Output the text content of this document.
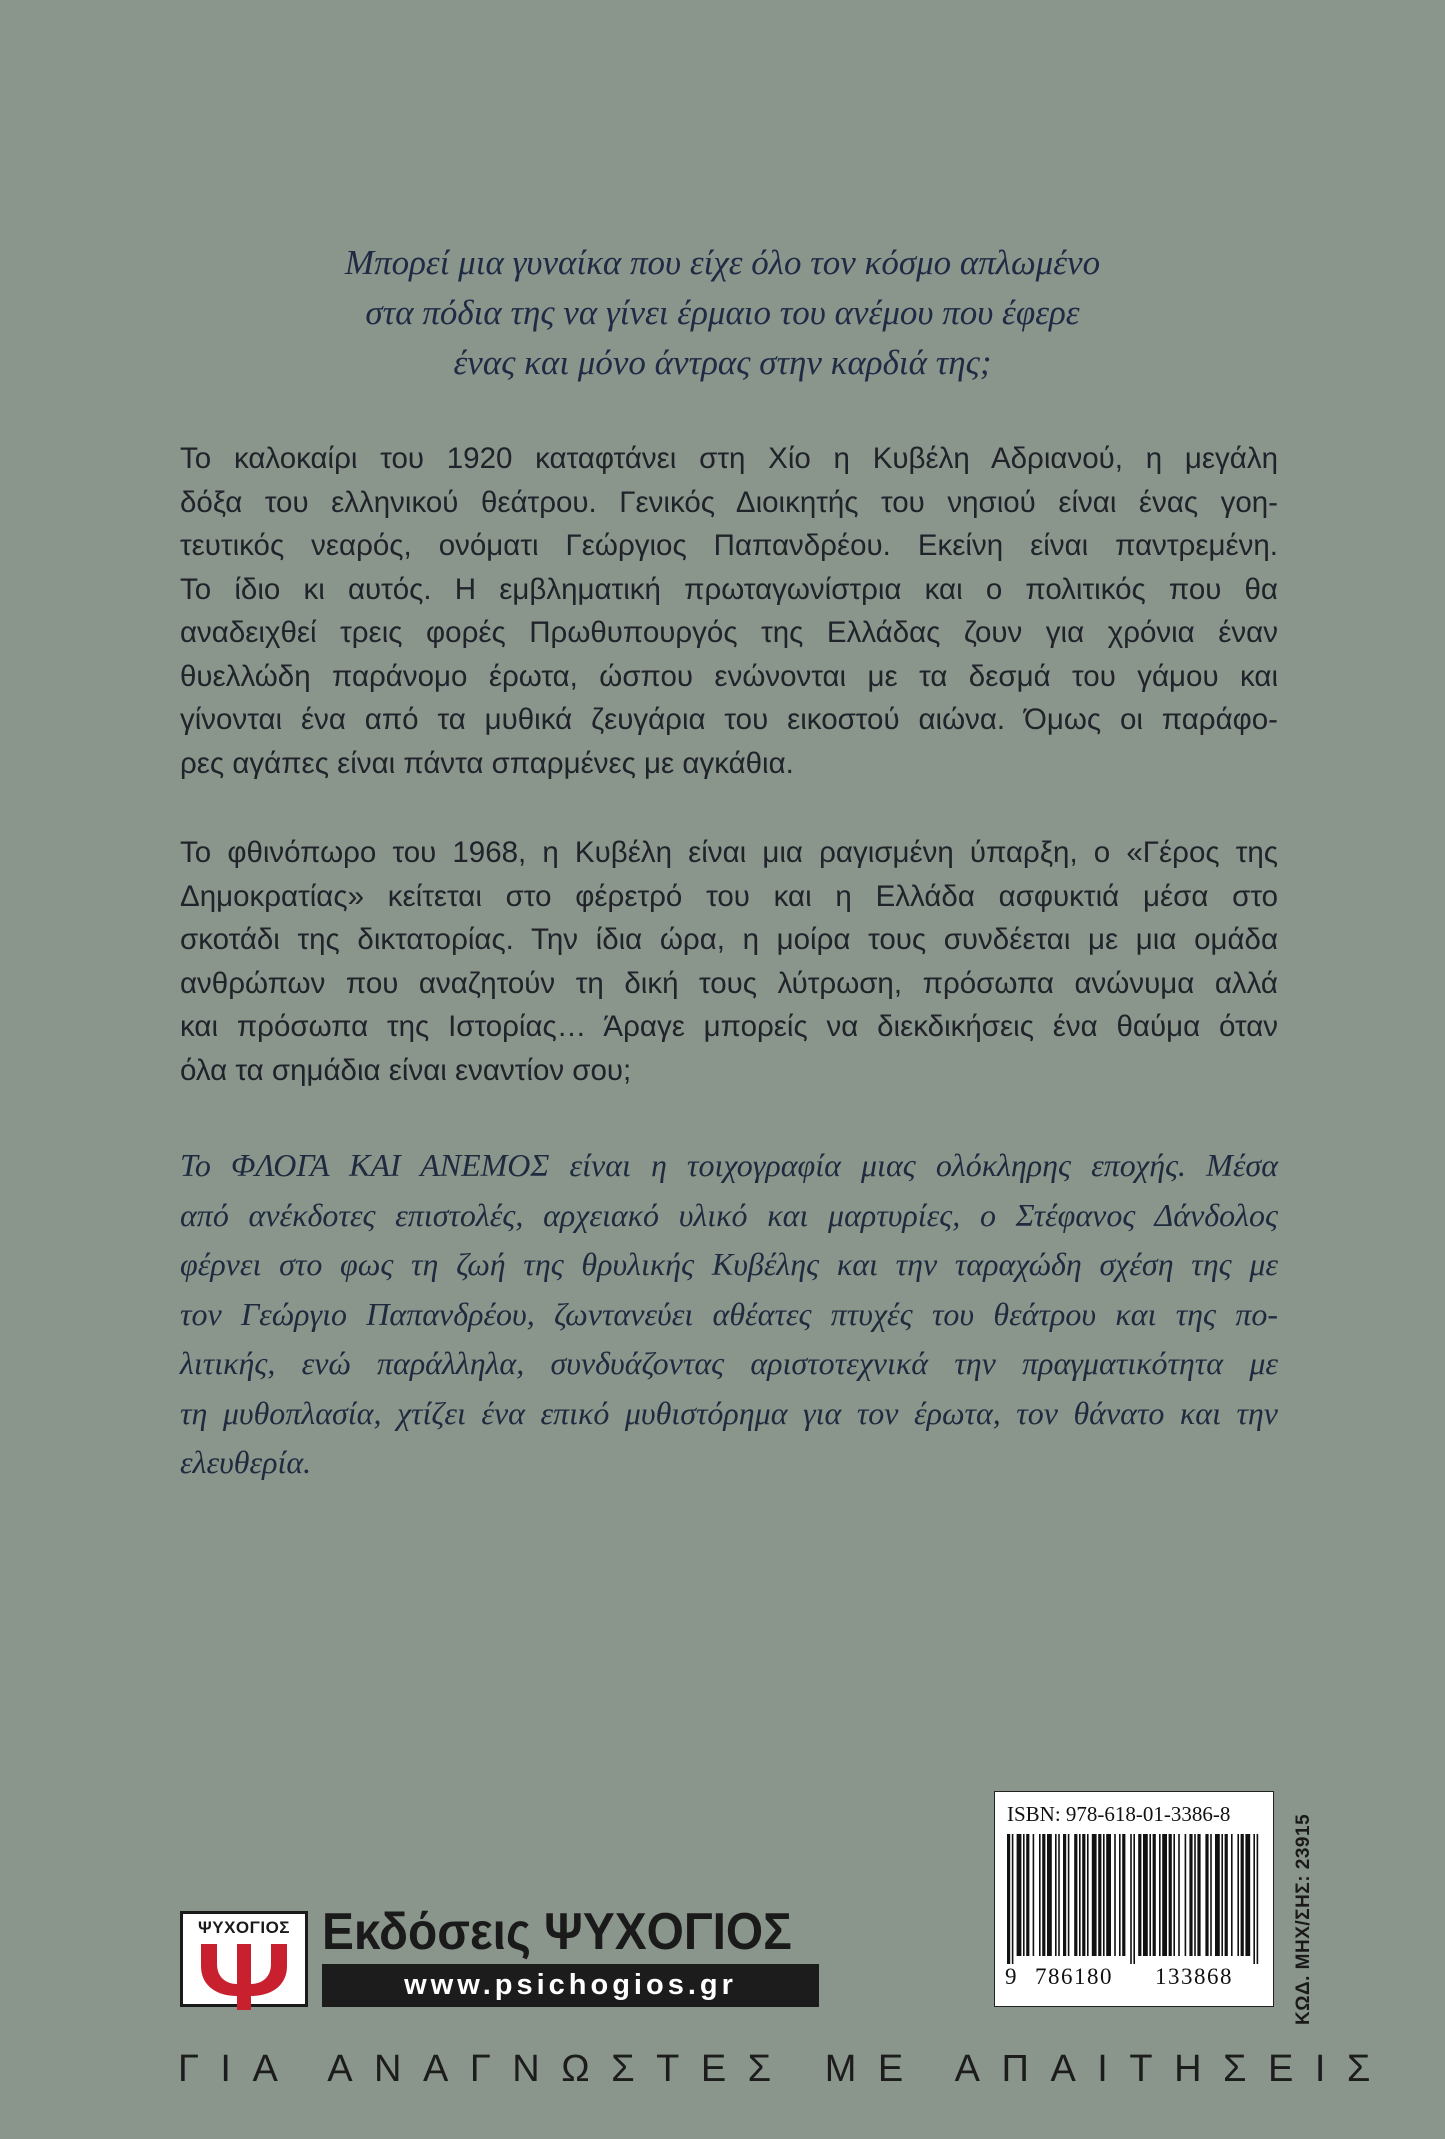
Μπορεί μια γυναίκα που είχε όλο τον κόσμο απλωμένο
στα πόδια της να γίνει έρμαιο του ανέμου που έφερε
ένας και μόνο άντρας στην καρδιά της;
Το καλοκαίρι του 1920 καταφτάνει στη Χίο η Κυβέλη Αδριανού, η μεγάλη
δόξα του ελληνικού θεάτρου. Γενικός Διοικητής του νησιού είναι ένας γοη-
τευτικός νεαρός, ονόματι Γεώργιος Παπανδρέου. Εκείνη είναι παντρεμένη.
Το ίδιο κι αυτός. Η εμβληματική πρωταγωνίστρια και ο πολιτικός που θα
αναδειχθεί τρεις φορές Πρωθυπουργός της Ελλάδας ζουν για χρόνια έναν
θυελλώδη παράνομο έρωτα, ώσπου ενώνονται με τα δεσμά του γάμου και
γίνονται ένα από τα μυθικά ζευγάρια του εικοστού αιώνα. Όμως οι παράφο-
ρες αγάπες είναι πάντα σπαρμένες με αγκάθια.
Το φθινόπωρο του 1968, η Κυβέλη είναι μια ραγισμένη ύπαρξη, ο «Γέρος της
Δημοκρατίας» κείτεται στο φέρετρό του και η Ελλάδα ασφυκτιά μέσα στο
σκοτάδι της δικτατορίας. Την ίδια ώρα, η μοίρα τους συνδέεται με μια ομάδα
ανθρώπων που αναζητούν τη δική τους λύτρωση, πρόσωπα ανώνυμα αλλά
και πρόσωπα της Ιστορίας… Άραγε μπορείς να διεκδικήσεις ένα θαύμα όταν
όλα τα σημάδια είναι εναντίον σου;
Το ΦΛΟΓΑ ΚΑΙ ΑΝΕΜΟΣ είναι η τοιχογραφία μιας ολόκληρης εποχής. Μέσα
από ανέκδοτες επιστολές, αρχειακό υλικό και μαρτυρίες, ο Στέφανος Δάνδολος
φέρνει στο φως τη ζωή της θρυλικής Κυβέλης και την ταραχώδη σχέση της με
τον Γεώργιο Παπανδρέου, ζωντανεύει αθέατες πτυχές του θεάτρου και της πο-
λιτικής, ενώ παράλληλα, συνδυάζοντας αριστοτεχνικά την πραγματικότητα με
τη μυθοπλασία, χτίζει ένα επικό μυθιστόρημα για τον έρωτα, τον θάνατο και την
ελευθερία.
ISBN: 978-618-01-3386-8
9 786180 133868	ΚΩΔ. ΜΗΧ/ΣΗΣ: 23915
ΨΥΧΟΓΙΟΣ Εκδόσεις ΨΥΧΟΓΙΟΣ
www.psichogios.gr
ΓΙΑ ΑΝΑΓΝΩΣΤΕΣ ΜΕ ΑΠΑΙΤΗΣΕΙΣ
